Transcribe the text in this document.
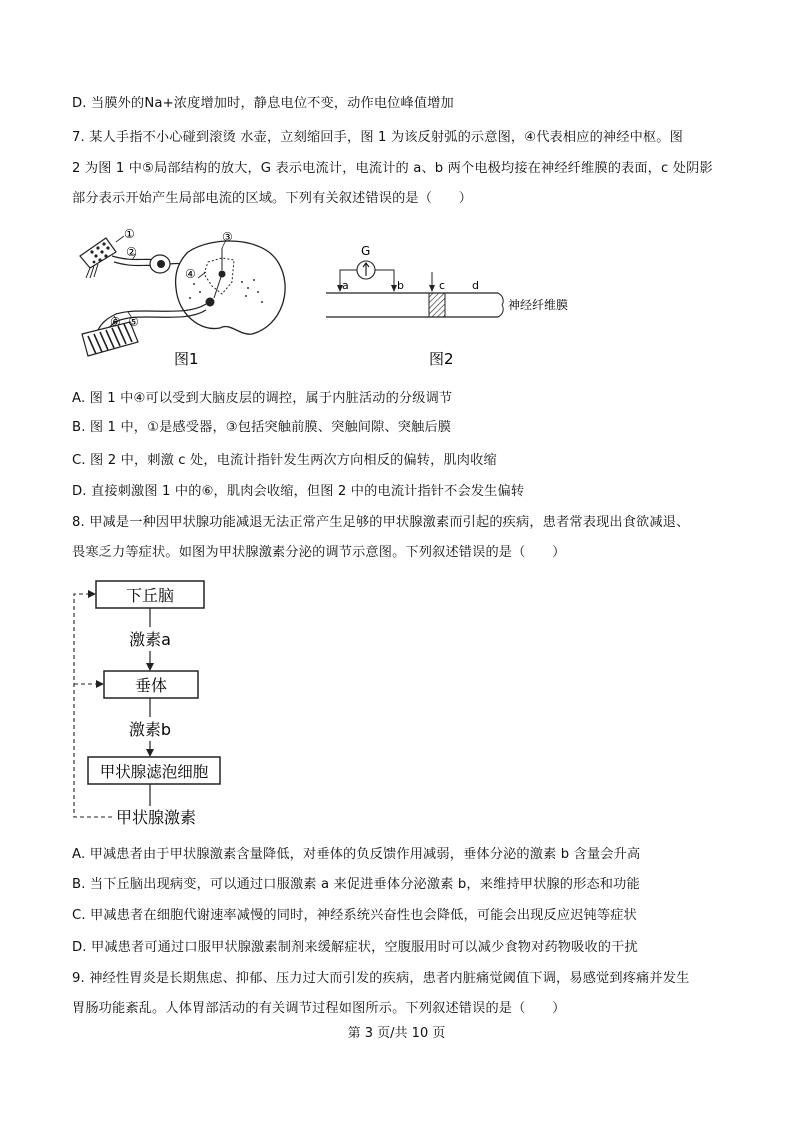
D. 当膜外的Na+浓度增加时，静息电位不变，动作电位峰值增加
7. 某人手指不小心碰到滚烫 水壶，立刻缩回手，图 1 为该反射弧的示意图，④代表相应的神经中枢。图
2 为图 1 中⑤局部结构的放大，G 表示电流计，电流计的 a、b 两个电极均接在神经纤维膜的表面，c 处阴影
部分表示开始产生局部电流的区域。下列有关叙述错误的是（　　）
①
②
③
④
⑤
⑥
图1
G
a	b	c d
神经纤维膜
图2
A. 图 1 中④可以受到大脑皮层的调控，属于内脏活动的分级调节
B. 图 1 中，①是感受器，③包括突触前膜、突触间隙、突触后膜
C. 图 2 中，刺激 c 处，电流计指针发生两次方向相反的偏转，肌肉收缩
D. 直接刺激图 1 中的⑥，肌肉会收缩，但图 2 中的电流计指针不会发生偏转
8. 甲减是一种因甲状腺功能减退无法正常产生足够的甲状腺激素而引起的疾病，患者常表现出食欲减退、
畏寒乏力等症状。如图为甲状腺激素分泌的调节示意图。下列叙述错误的是（　　）
下丘脑
激素a
垂体
激素b
甲状腺滤泡细胞
甲状腺激素
A. 甲减患者由于甲状腺激素含量降低，对垂体的负反馈作用减弱，垂体分泌的激素 b 含量会升高
B. 当下丘脑出现病变，可以通过口服激素 a 来促进垂体分泌激素 b，来维持甲状腺的形态和功能
C. 甲减患者在细胞代谢速率减慢的同时，神经系统兴奋性也会降低，可能会出现反应迟钝等症状
D. 甲减患者可通过口服甲状腺激素制剂来缓解症状，空腹服用时可以减少食物对药物吸收的干扰
9. 神经性胃炎是长期焦虑、抑郁、压力过大而引发的疾病，患者内脏痛觉阈值下调，易感觉到疼痛并发生
胃肠功能紊乱。人体胃部活动的有关调节过程如图所示。下列叙述错误的是（　　）
第 3 页/共 10 页
